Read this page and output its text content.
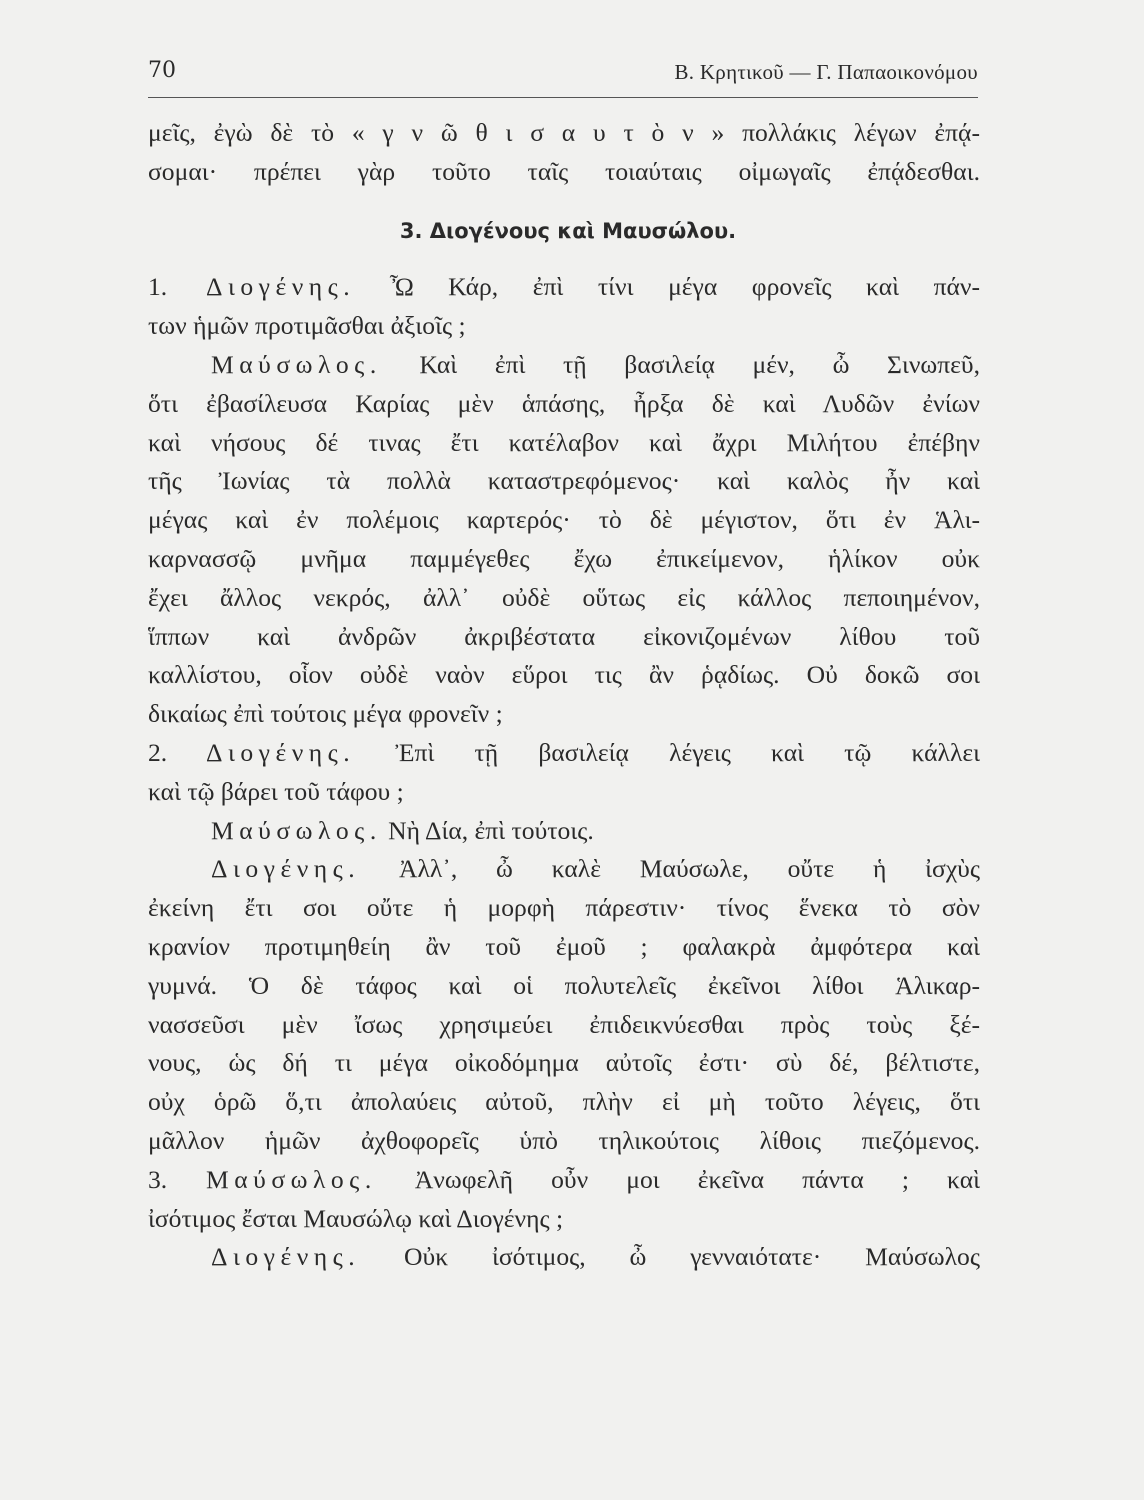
70	Β. Κρητικοῦ — Γ. Παπαοικονόμου
μεῖς, ἐγὼ δὲ τὸ « γ ν ῶ θ ι σ α υ τ ὸ ν » πολλάκις λέγων ἐπᾴ-
σομαι· πρέπει γὰρ τοῦτο ταῖς τοιαύταις οἰμωγαῖς ἐπᾴδεσθαι.
3. Διογένους καὶ Μαυσώλου.
1. Διογένης. Ὦ Κάρ, ἐπὶ τίνι μέγα φρονεῖς καὶ πάν-
των ἡμῶν προτιμᾶσθαι ἀξιοῖς ;
Μαύσωλος. Καὶ ἐπὶ τῇ βασιλείᾳ μέν, ὦ Σινωπεῦ,
ὅτι ἐβασίλευσα Καρίας μὲν ἁπάσης, ἦρξα δὲ καὶ Λυδῶν ἐνίων
καὶ νήσους δέ τινας ἔτι κατέλαβον καὶ ἄχρι Μιλήτου ἐπέβην
τῆς Ἰωνίας τὰ πολλὰ καταστρεφόμενος· καὶ καλὸς ἦν καὶ
μέγας καὶ ἐν πολέμοις καρτερός· τὸ δὲ μέγιστον, ὅτι ἐν Ἁλι-
καρνασσῷ μνῆμα παμμέγεθες ἔχω ἐπικείμενον, ἡλίκον οὐκ
ἔχει ἄλλος νεκρός, ἀλλ᾽ οὐδὲ οὕτως εἰς κάλλος πεποιημένον,
ἵππων καὶ ἀνδρῶν ἀκριβέστατα εἰκονιζομένων λίθου τοῦ
καλλίστου, οἷον οὐδὲ ναὸν εὕροι τις ἂν ῥᾳδίως. Οὐ δοκῶ σοι
δικαίως ἐπὶ τούτοις μέγα φρονεῖν ;
2. Διογένης. Ἐπὶ τῇ βασιλείᾳ λέγεις καὶ τῷ κάλλει
καὶ τῷ βάρει τοῦ τάφου ;
Μαύσωλος. Νὴ Δία, ἐπὶ τούτοις.
Διογένης. Ἀλλ᾽, ὦ καλὲ Μαύσωλε, οὔτε ἡ ἰσχὺς
ἐκείνη ἔτι σοι οὔτε ἡ μορφὴ πάρεστιν· τίνος ἕνεκα τὸ σὸν
κρανίον προτιμηθείη ἂν τοῦ ἐμοῦ ; φαλακρὰ ἀμφότερα καὶ
γυμνά. Ὁ δὲ τάφος καὶ οἱ πολυτελεῖς ἐκεῖνοι λίθοι Ἁλικαρ-
νασσεῦσι μὲν ἴσως χρησιμεύει ἐπιδεικνύεσθαι πρὸς τοὺς ξέ-
νους, ὡς δή τι μέγα οἰκοδόμημα αὐτοῖς ἐστι· σὺ δέ, βέλτιστε,
οὐχ ὁρῶ ὅ,τι ἀπολαύεις αὐτοῦ, πλὴν εἰ μὴ τοῦτο λέγεις, ὅτι
μᾶλλον ἡμῶν ἀχθοφορεῖς ὑπὸ τηλικούτοις λίθοις πιεζόμενος.
3. Μαύσωλος. Ἀνωφελῆ οὖν μοι ἐκεῖνα πάντα ; καὶ
ἰσότιμος ἔσται Μαυσώλῳ καὶ Διογένης ;
Διογένης. Οὐκ ἰσότιμος, ὦ γενναιότατε· Μαύσωλος
